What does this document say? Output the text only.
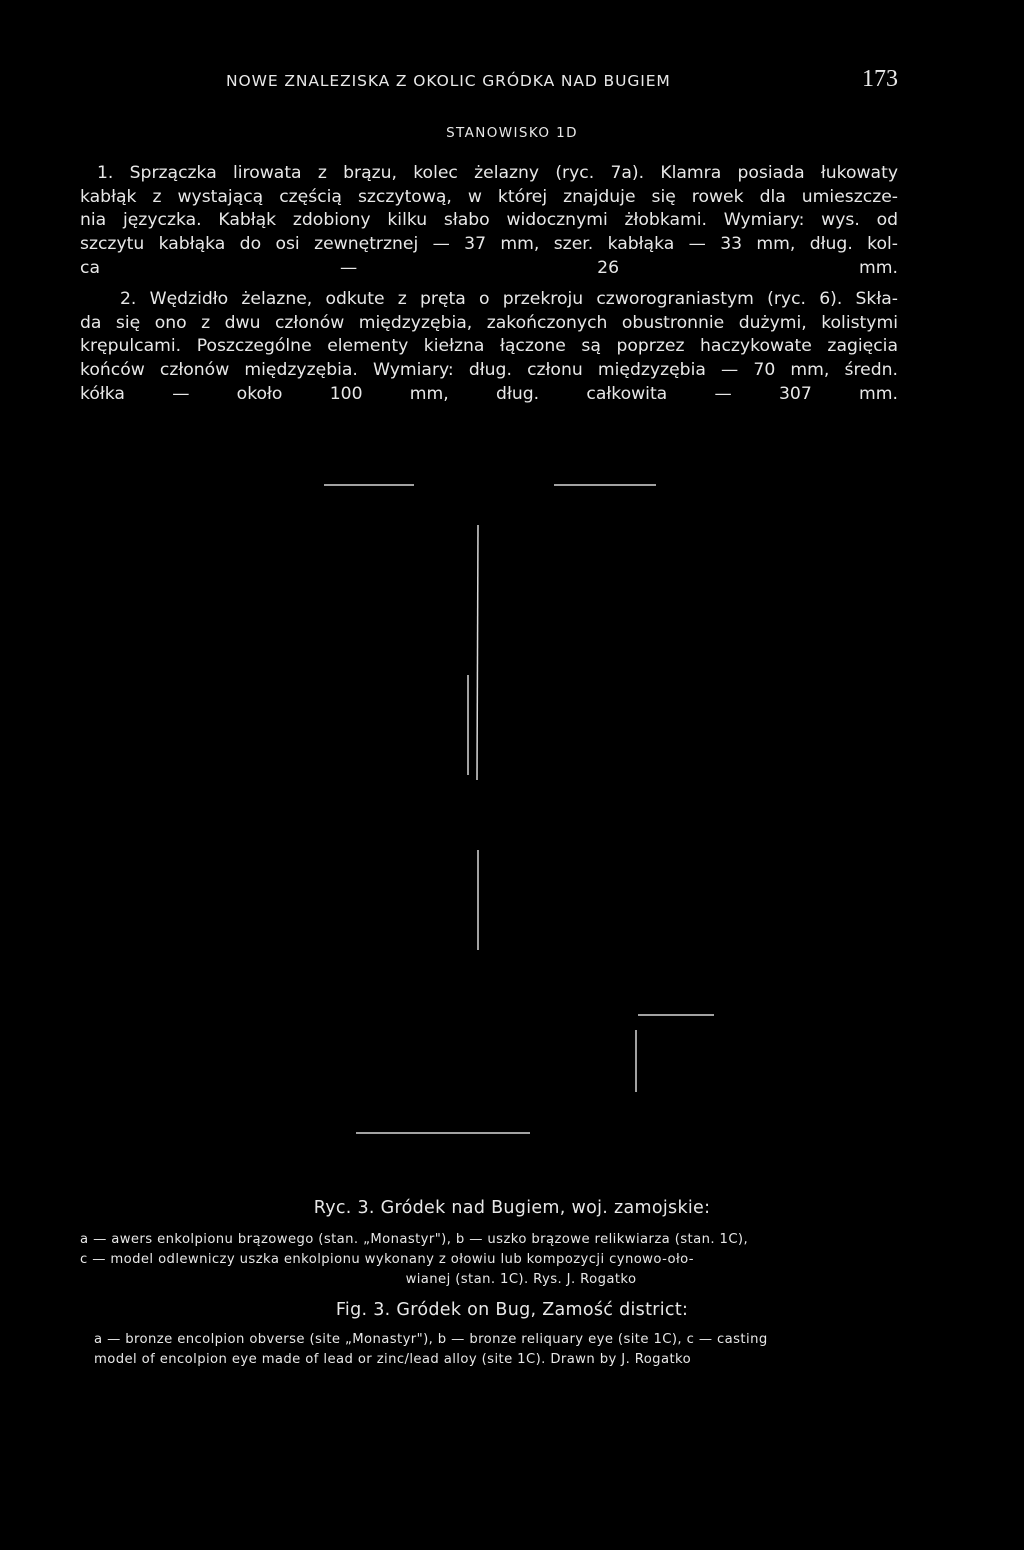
NOWE ZNALEZISKA Z OKOLIC GRÓDKA NAD BUGIEM	173
STANOWISKO 1D
1. Sprzączka lirowata z brązu, kolec żelazny (ryc. 7a). Klamra posiada łukowaty
kabłąk z wystającą częścią szczytową, w której znajduje się rowek dla umieszcze-
nia języczka. Kabłąk zdobiony kilku słabo widocznymi żłobkami. Wymiary: wys. od
szczytu kabłąka do osi zewnętrznej — 37 mm, szer. kabłąka — 33 mm, dług. kol-
ca — 26 mm.
2. Wędzidło żelazne, odkute z pręta o przekroju czworograniastym (ryc. 6). Skła-
da się ono z dwu członów międzyzębia, zakończonych obustronnie dużymi, kolistymi
krępulcami. Poszczególne elementy kiełzna łączone są poprzez haczykowate zagięcia
końców członów międzyzębia. Wymiary: dług. członu międzyzębia — 70 mm, średn.
kółka — około 100 mm, dług. całkowita — 307 mm.
Ryc. 3. Gródek nad Bugiem, woj. zamojskie:
a — awers enkolpionu brązowego (stan. „Monastyr"), b — uszko brązowe relikwiarza (stan. 1C),
c — model odlewniczy uszka enkolpionu wykonany z ołowiu lub kompozycji cynowo-oło-
wianej (stan. 1C). Rys. J. Rogatko
Fig. 3. Gródek on Bug, Zamość district:
a — bronze encolpion obverse (site „Monastyr"), b — bronze reliquary eye (site 1C), c — casting
model of encolpion eye made of lead or zinc/lead alloy (site 1C). Drawn by J. Rogatko
